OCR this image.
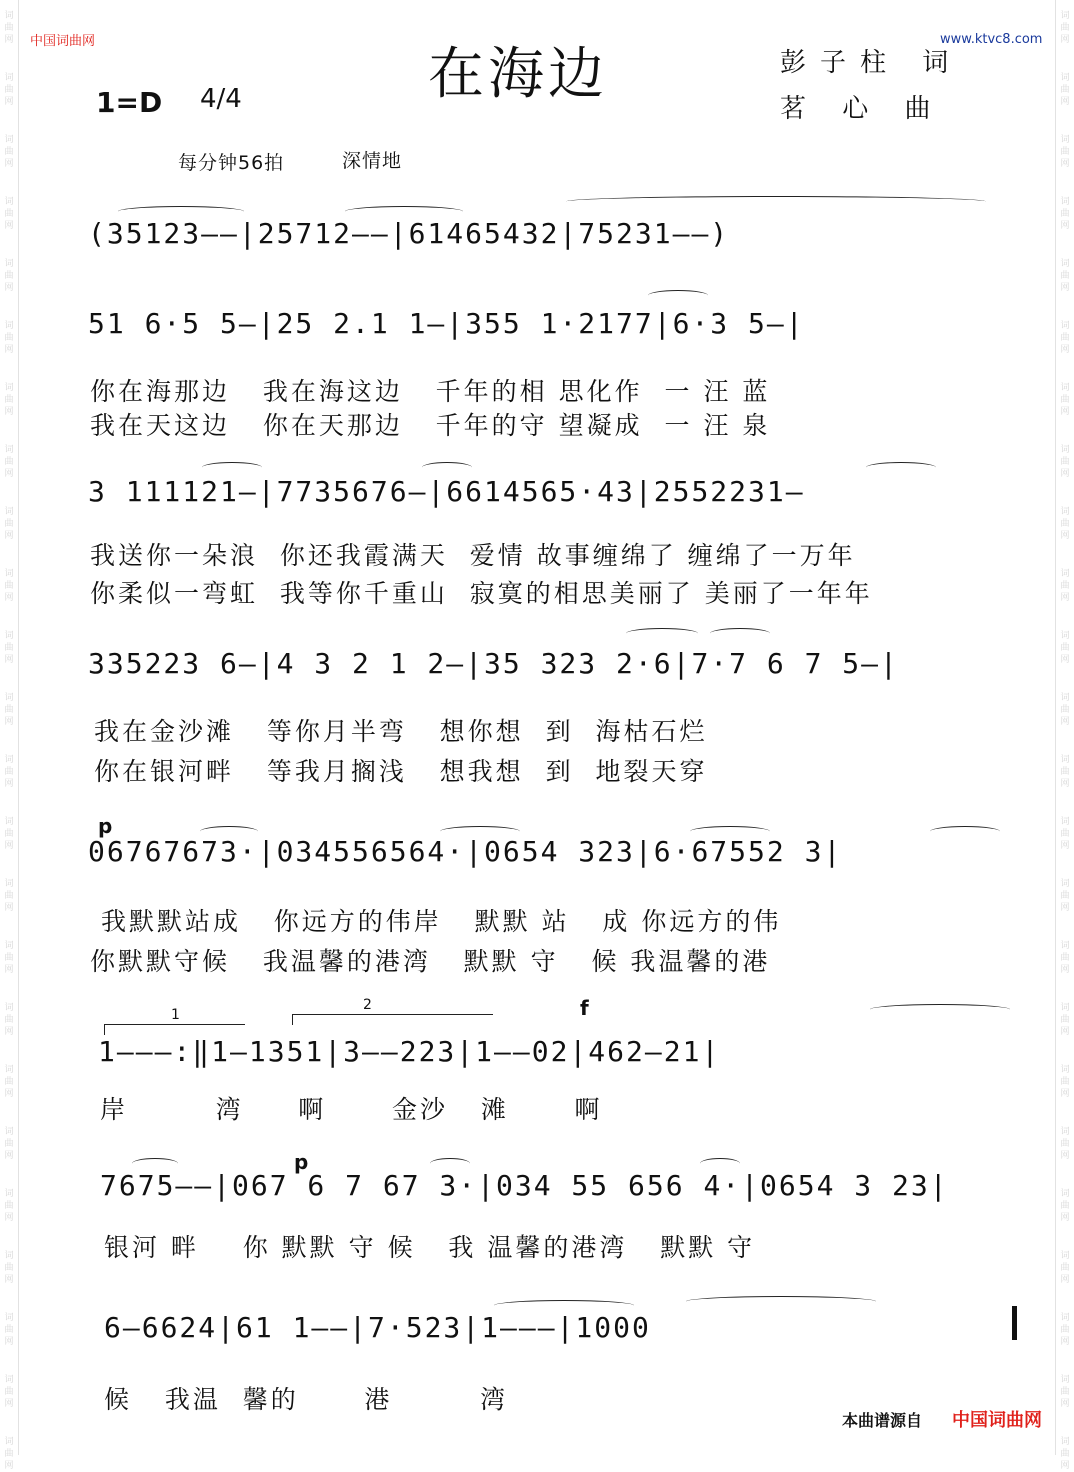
词
曲
网
词
曲
网
词
曲
网
词
曲
网
词
曲
网
词
曲
网
词
曲
网
词
曲
网
词
曲
网
词
曲
网
词
曲
网
词
曲
网
词
曲
网
词
曲
网
词
曲
网
词
曲
网
词
曲
网
词
曲
网
词
曲
网
词
曲
网
词
曲
网
词
曲
网
词
曲
网
词
曲
网
词
曲
网
词
曲
网
词
曲
网
词
曲
网
词
曲
网
词
曲
网
词
曲
网
词
曲
网
词
曲
网
词
曲
网
词
曲
网
词
曲
网
词
曲
网
词
曲
网
词
曲
网
词
曲
网
词
曲
网
词
曲
网
词
曲
网
词
曲
网
词
曲
网
词
曲
网
词
曲
网
词
曲
网
中国词曲网	www.ktvc8.com
在海边	彭子柱 词
茗 心 曲
1=D 4/4
每分钟56拍	深情地
(35123——|25712——|61465432|75231——)
51 6·5 5—|25 2.1 1—|355 1·2177|6·3 5—|
你在海那边   我在海这边   千年的相 思化作  一 汪 蓝
我在天这边   你在天那边   千年的守 望凝成  一 汪 泉
3 111121—|7735676—|6614565·43|2552231—
我送你一朵浪  你还我霞满天  爱情 故事缠绵了 缠绵了一万年
你柔似一弯虹  我等你千重山  寂寞的相思美丽了 美丽了一年年
335223 6—|4 3 2 1 2—|35 323 2·6|7·7 6 7 5—|
我在金沙滩   等你月半弯   想你想  到  海枯石烂
你在银河畔   等我月搁浅   想我想  到  地裂天穿
p
06767673·|034556564·|0654 323|6·67552 3|
我默默站成   你远方的伟岸   默默 站   成 你远方的伟
你默默守候   我温馨的港湾   默默 守   候 我温馨的港
1
2	f
1———:‖1—1351|3——223|1——02|462—21|
岸        湾     啊      金沙   滩      啊
p
7675——|067 6 7 67 3·|034 55 656 4·|0654 3 23|
银河 畔    你 默默 守 候   我 温馨的港湾   默默 守
6—6624|61 1——|7·523|1———|1000
候   我温  馨的      港        湾
本曲谱源自 中国词曲网
